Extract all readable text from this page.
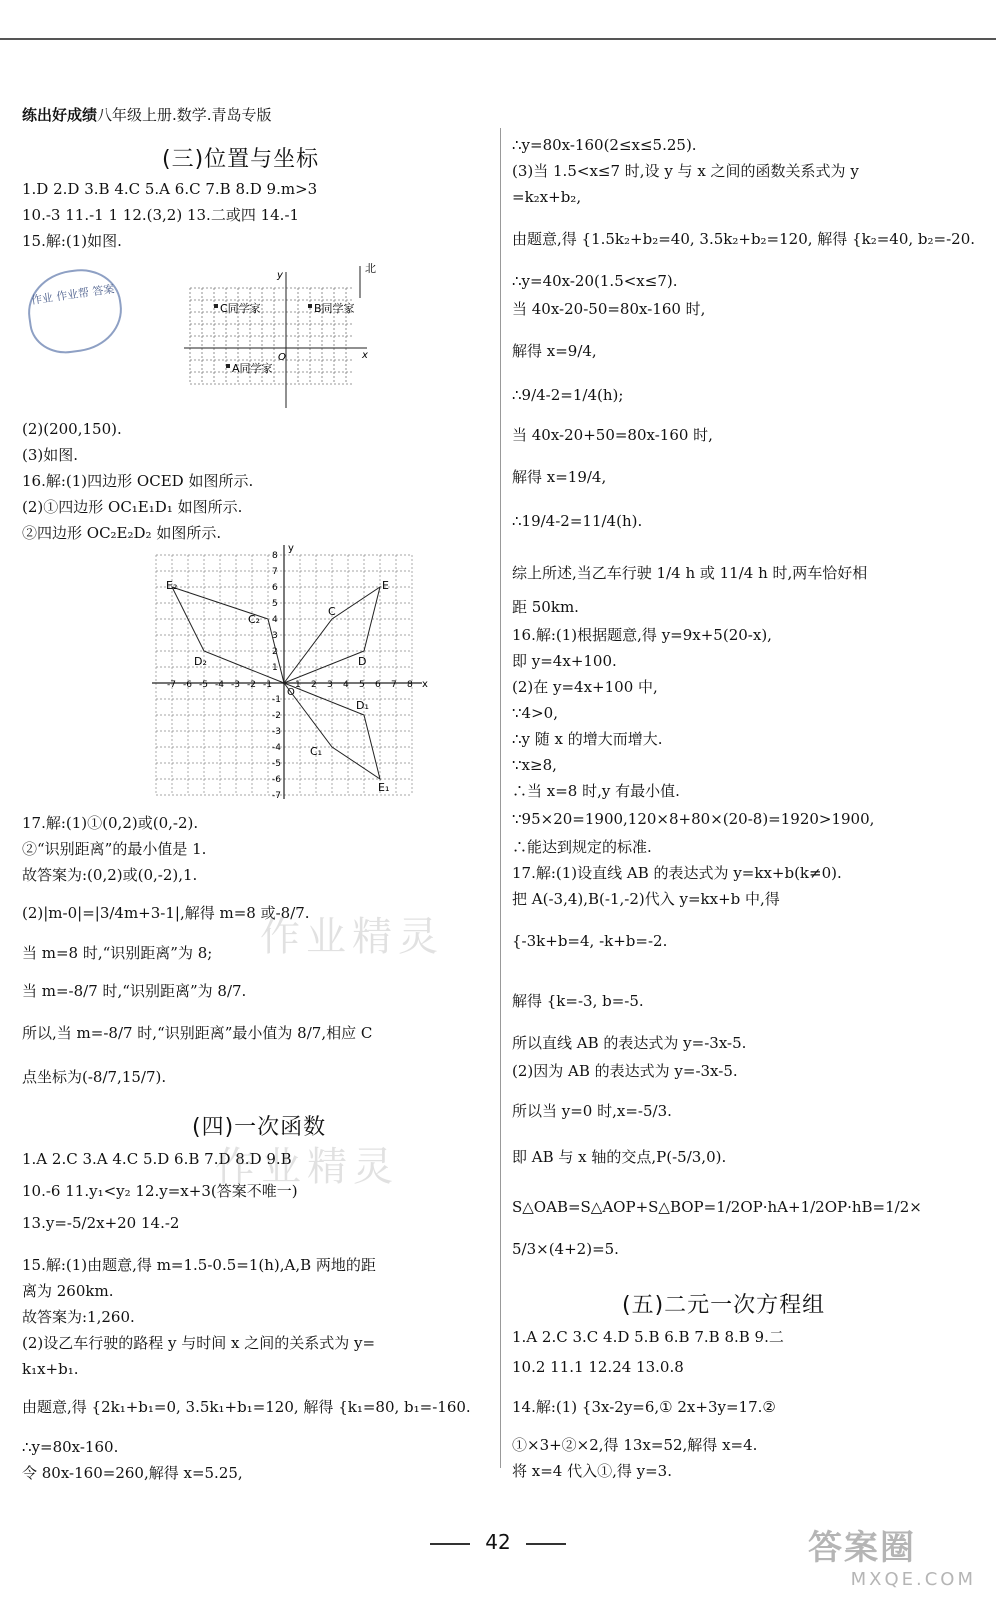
练出好成绩八年级上册.数学.青岛专版
(三)位置与坐标
1.D 2.D 3.B 4.C 5.A 6.C 7.B 8.D 9.m>3
10.-3 11.-1 1 12.(3,2) 13.二或四 14.-1
15.解:(1)如图.
北
y
x
O
C同学家	B同学家
A同学家
(2)(200,150).
(3)如图.
16.解:(1)四边形 OCED 如图所示.
(2)①四边形 OC₁E₁D₁ 如图所示.
②四边形 OC₂E₂D₂ 如图所示.
-7 -6 -5 -4 -3 -2 -1	1 2 3 4 5 6 7 8
8
7
6
5
4
3
2
1
-1
-2
-3
-4
-5
-6
-7
x
y
O
E₂
C₂
D₂
E
C
D
C₁
D₁
E₁
17.解:(1)①(0,2)或(0,-2).
②“识别距离”的最小值是 1.
故答案为:(0,2)或(0,-2),1.
(2)|m-0|=|3/4m+3-1|,解得 m=8 或-8/7.
当 m=8 时,“识别距离”为 8;
当 m=-8/7 时,“识别距离”为 8/7.
所以,当 m=-8/7 时,“识别距离”最小值为 8/7,相应 C
点坐标为(-8/7,15/7).
(四)一次函数
1.A 2.C 3.A 4.C 5.D 6.B 7.D 8.D 9.B
10.-6 11.y₁<y₂ 12.y=x+3(答案不唯一)
13.y=-5/2x+20 14.-2
15.解:(1)由题意,得 m=1.5-0.5=1(h),A,B 两地的距
离为 260km.
故答案为:1,260.
(2)设乙车行驶的路程 y 与时间 x 之间的关系式为 y=
k₁x+b₁.
由题意,得 {2k₁+b₁=0, 3.5k₁+b₁=120, 解得 {k₁=80, b₁=-160.
∴y=80x-160.
令 80x-160=260,解得 x=5.25,
∴y=80x-160(2≤x≤5.25).
(3)当 1.5<x≤7 时,设 y 与 x 之间的函数关系式为 y
=k₂x+b₂,
由题意,得 {1.5k₂+b₂=40, 3.5k₂+b₂=120, 解得 {k₂=40, b₂=-20.
∴y=40x-20(1.5<x≤7).
当 40x-20-50=80x-160 时,
解得 x=9/4,
∴9/4-2=1/4(h);
当 40x-20+50=80x-160 时,
解得 x=19/4,
∴19/4-2=11/4(h).
综上所述,当乙车行驶 1/4 h 或 11/4 h 时,两车恰好相
距 50km.
16.解:(1)根据题意,得 y=9x+5(20-x),
即 y=4x+100.
(2)在 y=4x+100 中,
∵4>0,
∴y 随 x 的增大而增大.
∵x≥8,
∴当 x=8 时,y 有最小值.
∵95×20=1900,120×8+80×(20-8)=1920>1900,
∴能达到规定的标准.
17.解:(1)设直线 AB 的表达式为 y=kx+b(k≠0).
把 A(-3,4),B(-1,-2)代入 y=kx+b 中,得
{-3k+b=4, -k+b=-2.
解得 {k=-3, b=-5.
所以直线 AB 的表达式为 y=-3x-5.
(2)因为 AB 的表达式为 y=-3x-5.
所以当 y=0 时,x=-5/3.
即 AB 与 x 轴的交点,P(-5/3,0).
S△OAB=S△AOP+S△BOP=1/2OP·hA+1/2OP·hB=1/2×
5/3×(4+2)=5.
(五)二元一次方程组
1.A 2.C 3.C 4.D 5.B 6.B 7.B 8.B 9.二
10.2 11.1 12.24 13.0.8
14.解:(1) {3x-2y=6,① 2x+3y=17.②
①×3+②×2,得 13x=52,解得 x=4.
将 x=4 代入①,得 y=3.
作业 作业帮 答案
作业精灵
作业精灵
42	答案圈
MXQE.COM
